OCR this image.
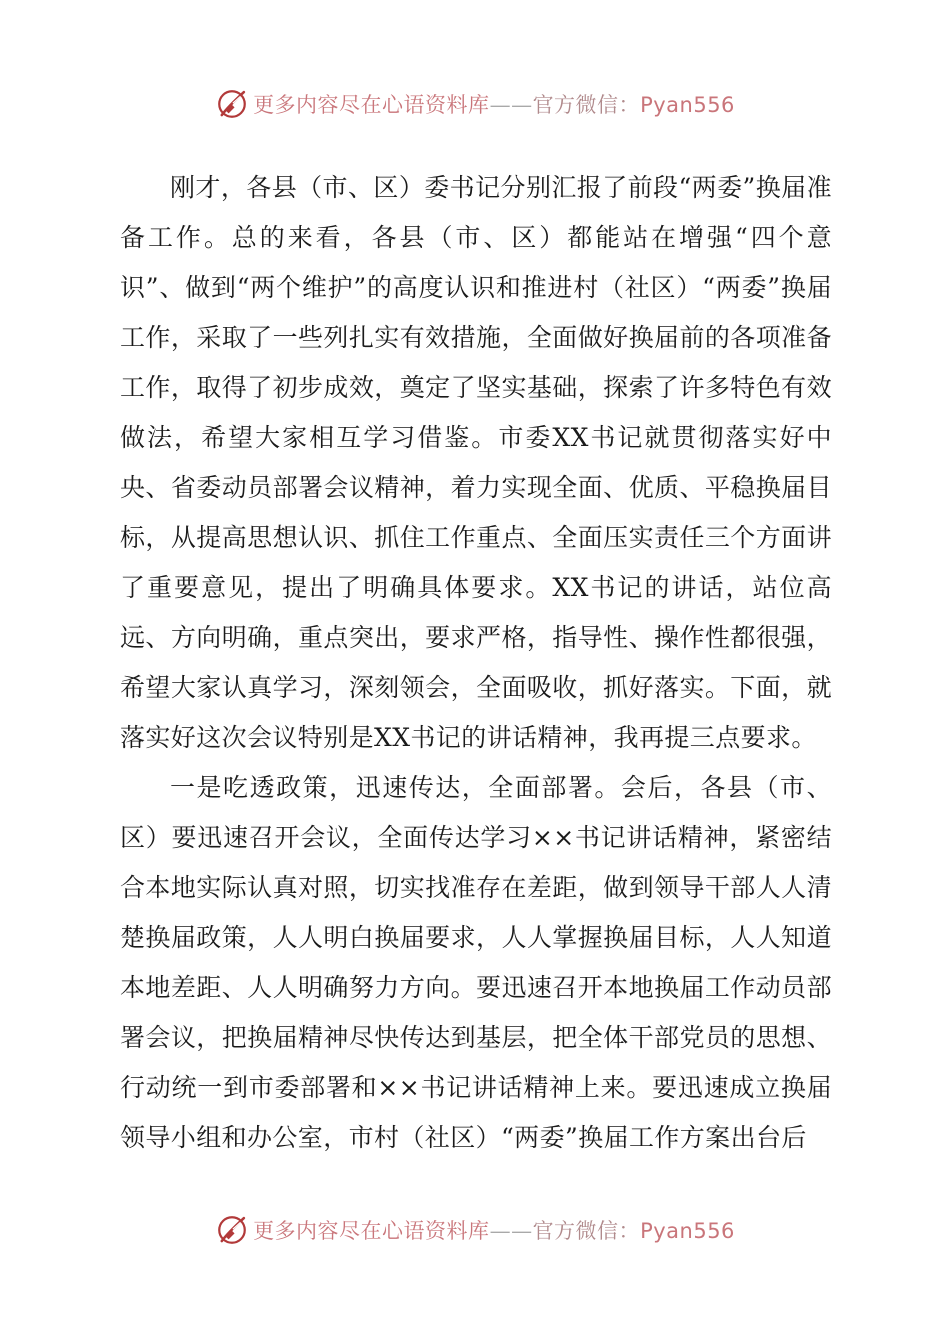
更多内容尽在心语资料库——官方微信：Pyan556

刚才，各县（市、区）委书记分别汇报了前段“两委”换届准备工作。总的来看，各县（市、区）都能站在增强“四个意识”、做到“两个维护”的高度认识和推进村（社区）“两委”换届工作，采取了一些列扎实有效措施，全面做好换届前的各项准备工作，取得了初步成效，奠定了坚实基础，探索了许多特色有效做法，希望大家相互学习借鉴。市委XX书记就贯彻落实好中央、省委动员部署会议精神，着力实现全面、优质、平稳换届目标，从提高思想认识、抓住工作重点、全面压实责任三个方面讲了重要意见，提出了明确具体要求。XX书记的讲话，站位高远、方向明确，重点突出，要求严格，指导性、操作性都很强，希望大家认真学习，深刻领会，全面吸收，抓好落实。下面，就落实好这次会议特别是XX书记的讲话精神，我再提三点要求。

一是吃透政策，迅速传达，全面部署。会后，各县（市、区）要迅速召开会议，全面传达学习××书记讲话精神，紧密结合本地实际认真对照，切实找准存在差距，做到领导干部人人清楚换届政策，人人明白换届要求，人人掌握换届目标，人人知道本地差距、人人明确努力方向。要迅速召开本地换届工作动员部署会议，把换届精神尽快传达到基层，把全体干部党员的思想、行动统一到市委部署和××书记讲话精神上来。要迅速成立换届领导小组和办公室，市村（社区）“两委”换届工作方案出台后

更多内容尽在心语资料库——官方微信：Pyan556
